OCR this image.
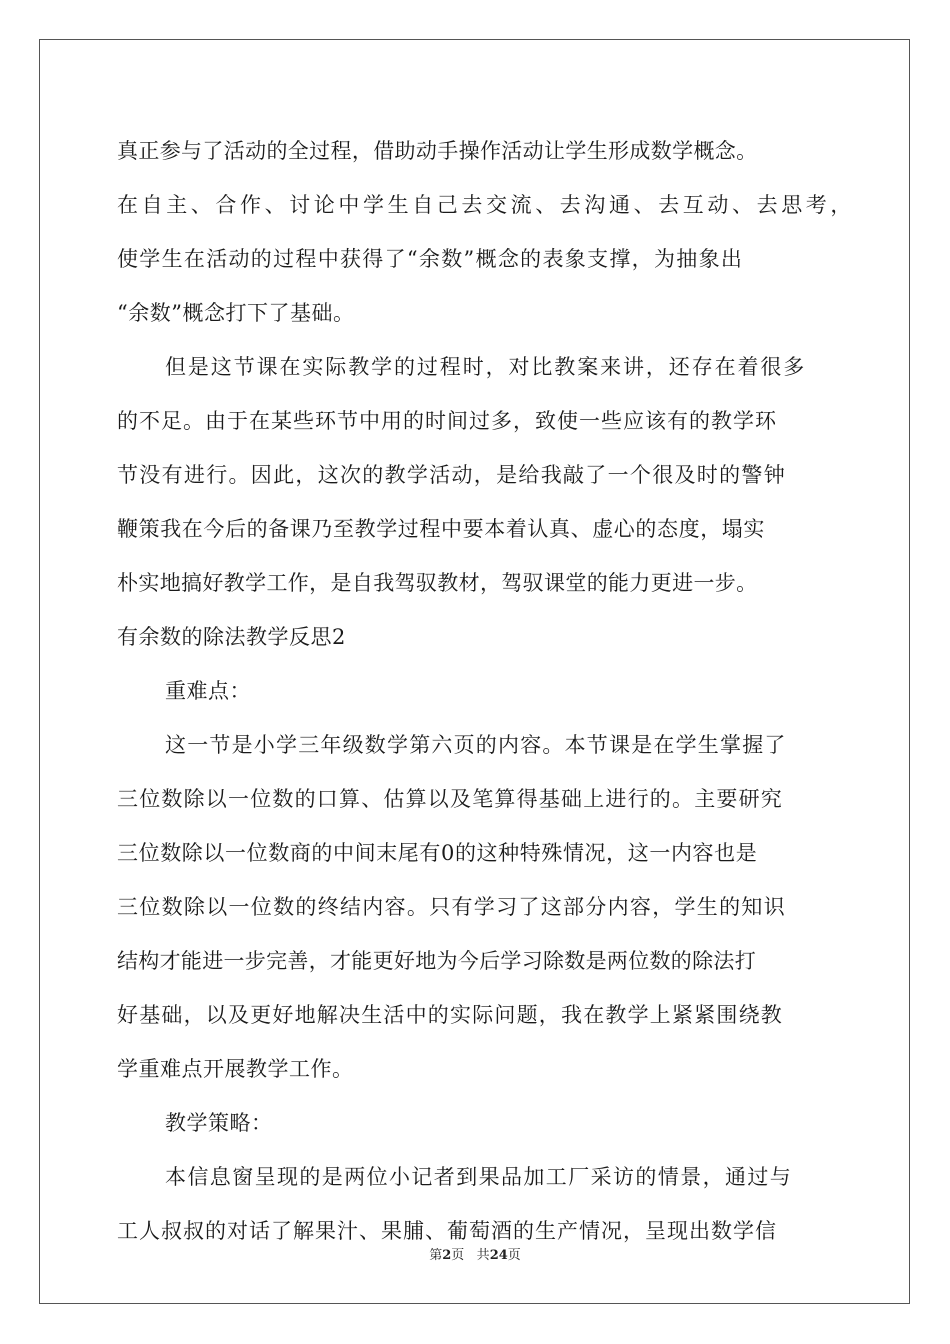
真正参与了活动的全过程，借助动手操作活动让学生形成数学概念。
在自主、合作、讨论中学生自己去交流、去沟通、去互动、去思考，
使学生在活动的过程中获得了“余数”概念的表象支撑，为抽象出
“余数”概念打下了基础。
但是这节课在实际教学的过程时，对比教案来讲，还存在着很多
的不足。由于在某些环节中用的时间过多，致使一些应该有的教学环
节没有进行。因此，这次的教学活动，是给我敲了一个很及时的警钟
鞭策我在今后的备课乃至教学过程中要本着认真、虚心的态度，塌实
朴实地搞好教学工作，是自我驾驭教材，驾驭课堂的能力更进一步。
有余数的除法教学反思2
重难点：
这一节是小学三年级数学第六页的内容。本节课是在学生掌握了
三位数除以一位数的口算、估算以及笔算得基础上进行的。主要研究
三位数除以一位数商的中间末尾有0的这种特殊情况，这一内容也是
三位数除以一位数的终结内容。只有学习了这部分内容，学生的知识
结构才能进一步完善，才能更好地为今后学习除数是两位数的除法打
好基础，以及更好地解决生活中的实际问题，我在教学上紧紧围绕教
学重难点开展教学工作。
教学策略：
本信息窗呈现的是两位小记者到果品加工厂采访的情景，通过与
工人叔叔的对话了解果汁、果脯、葡萄酒的生产情况，呈现出数学信
第2页 共24页
